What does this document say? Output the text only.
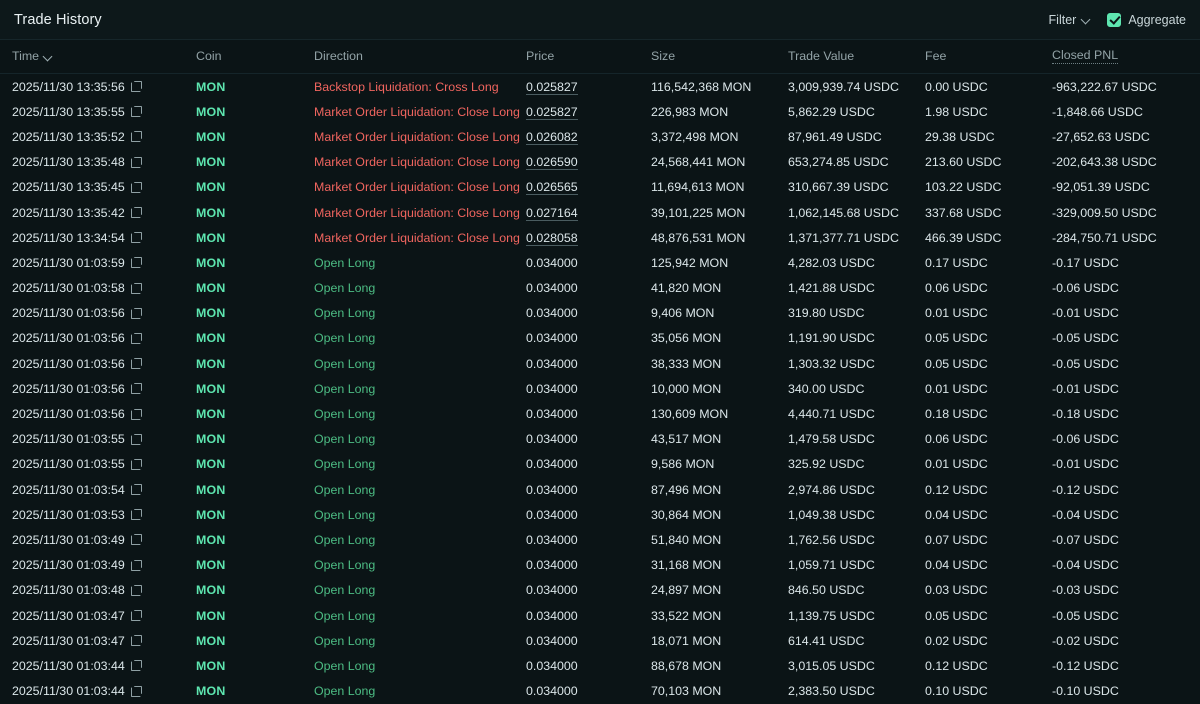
Trade History	Filter	Aggregate
Time	Coin	Direction	Price	Size	Trade Value	Fee	Closed PNL

2025/11/30 13:35:56	MON	Backstop Liquidation: Cross Long	0.025827	116,542,368 MON	3,009,939.74 USDC	0.00 USDC	-963,222.67 USDC

2025/11/30 13:35:55	MON	Market Order Liquidation: Close Long	0.025827	226,983 MON	5,862.29 USDC	1.98 USDC	-1,848.66 USDC

2025/11/30 13:35:52	MON	Market Order Liquidation: Close Long	0.026082	3,372,498 MON	87,961.49 USDC	29.38 USDC	-27,652.63 USDC

2025/11/30 13:35:48	MON	Market Order Liquidation: Close Long	0.026590	24,568,441 MON	653,274.85 USDC	213.60 USDC	-202,643.38 USDC

2025/11/30 13:35:45	MON	Market Order Liquidation: Close Long	0.026565	11,694,613 MON	310,667.39 USDC	103.22 USDC	-92,051.39 USDC

2025/11/30 13:35:42	MON	Market Order Liquidation: Close Long	0.027164	39,101,225 MON	1,062,145.68 USDC	337.68 USDC	-329,009.50 USDC

2025/11/30 13:34:54	MON	Market Order Liquidation: Close Long	0.028058	48,876,531 MON	1,371,377.71 USDC	466.39 USDC	-284,750.71 USDC

2025/11/30 01:03:59	MON	Open Long	0.034000	125,942 MON	4,282.03 USDC	0.17 USDC	-0.17 USDC

2025/11/30 01:03:58	MON	Open Long	0.034000	41,820 MON	1,421.88 USDC	0.06 USDC	-0.06 USDC

2025/11/30 01:03:56	MON	Open Long	0.034000	9,406 MON	319.80 USDC	0.01 USDC	-0.01 USDC

2025/11/30 01:03:56	MON	Open Long	0.034000	35,056 MON	1,191.90 USDC	0.05 USDC	-0.05 USDC

2025/11/30 01:03:56	MON	Open Long	0.034000	38,333 MON	1,303.32 USDC	0.05 USDC	-0.05 USDC

2025/11/30 01:03:56	MON	Open Long	0.034000	10,000 MON	340.00 USDC	0.01 USDC	-0.01 USDC

2025/11/30 01:03:56	MON	Open Long	0.034000	130,609 MON	4,440.71 USDC	0.18 USDC	-0.18 USDC

2025/11/30 01:03:55	MON	Open Long	0.034000	43,517 MON	1,479.58 USDC	0.06 USDC	-0.06 USDC

2025/11/30 01:03:55	MON	Open Long	0.034000	9,586 MON	325.92 USDC	0.01 USDC	-0.01 USDC

2025/11/30 01:03:54	MON	Open Long	0.034000	87,496 MON	2,974.86 USDC	0.12 USDC	-0.12 USDC

2025/11/30 01:03:53	MON	Open Long	0.034000	30,864 MON	1,049.38 USDC	0.04 USDC	-0.04 USDC

2025/11/30 01:03:49	MON	Open Long	0.034000	51,840 MON	1,762.56 USDC	0.07 USDC	-0.07 USDC

2025/11/30 01:03:49	MON	Open Long	0.034000	31,168 MON	1,059.71 USDC	0.04 USDC	-0.04 USDC

2025/11/30 01:03:48	MON	Open Long	0.034000	24,897 MON	846.50 USDC	0.03 USDC	-0.03 USDC

2025/11/30 01:03:47	MON	Open Long	0.034000	33,522 MON	1,139.75 USDC	0.05 USDC	-0.05 USDC

2025/11/30 01:03:47	MON	Open Long	0.034000	18,071 MON	614.41 USDC	0.02 USDC	-0.02 USDC

2025/11/30 01:03:44	MON	Open Long	0.034000	88,678 MON	3,015.05 USDC	0.12 USDC	-0.12 USDC

2025/11/30 01:03:44	MON	Open Long	0.034000	70,103 MON	2,383.50 USDC	0.10 USDC	-0.10 USDC
